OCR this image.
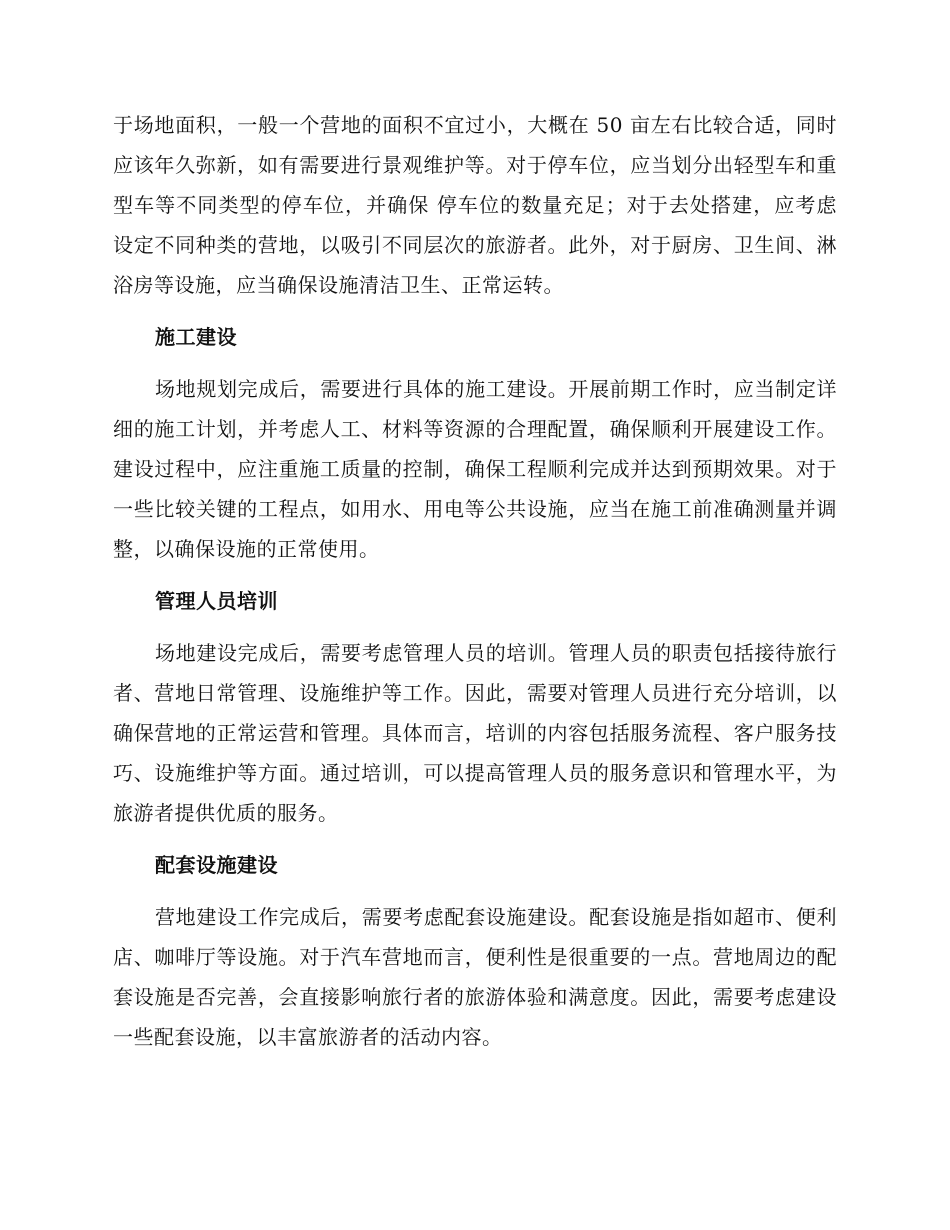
于场地面积，一般一个营地的面积不宜过小，大概在 50 亩左右比较合适，同时应该年久弥新，如有需要进行景观维护等。对于停车位，应当划分出轻型车和重型车等不同类型的停车位，并确保 停车位的数量充足；对于去处搭建，应考虑设定不同种类的营地，以吸引不同层次的旅游者。此外，对于厨房、卫生间、淋浴房等设施，应当确保设施清洁卫生、正常运转。

施工建设

场地规划完成后，需要进行具体的施工建设。开展前期工作时，应当制定详细的施工计划，并考虑人工、材料等资源的合理配置，确保顺利开展建设工作。建设过程中，应注重施工质量的控制，确保工程顺利完成并达到预期效果。对于一些比较关键的工程点，如用水、用电等公共设施，应当在施工前准确测量并调整，以确保设施的正常使用。

管理人员培训

场地建设完成后，需要考虑管理人员的培训。管理人员的职责包括接待旅行者、营地日常管理、设施维护等工作。因此，需要对管理人员进行充分培训，以确保营地的正常运营和管理。具体而言，培训的内容包括服务流程、客户服务技巧、设施维护等方面。通过培训，可以提高管理人员的服务意识和管理水平，为旅游者提供优质的服务。

配套设施建设

营地建设工作完成后，需要考虑配套设施建设。配套设施是指如超市、便利店、咖啡厅等设施。对于汽车营地而言，便利性是很重要的一点。营地周边的配套设施是否完善，会直接影响旅行者的旅游体验和满意度。因此，需要考虑建设一些配套设施，以丰富旅游者的活动内容。
